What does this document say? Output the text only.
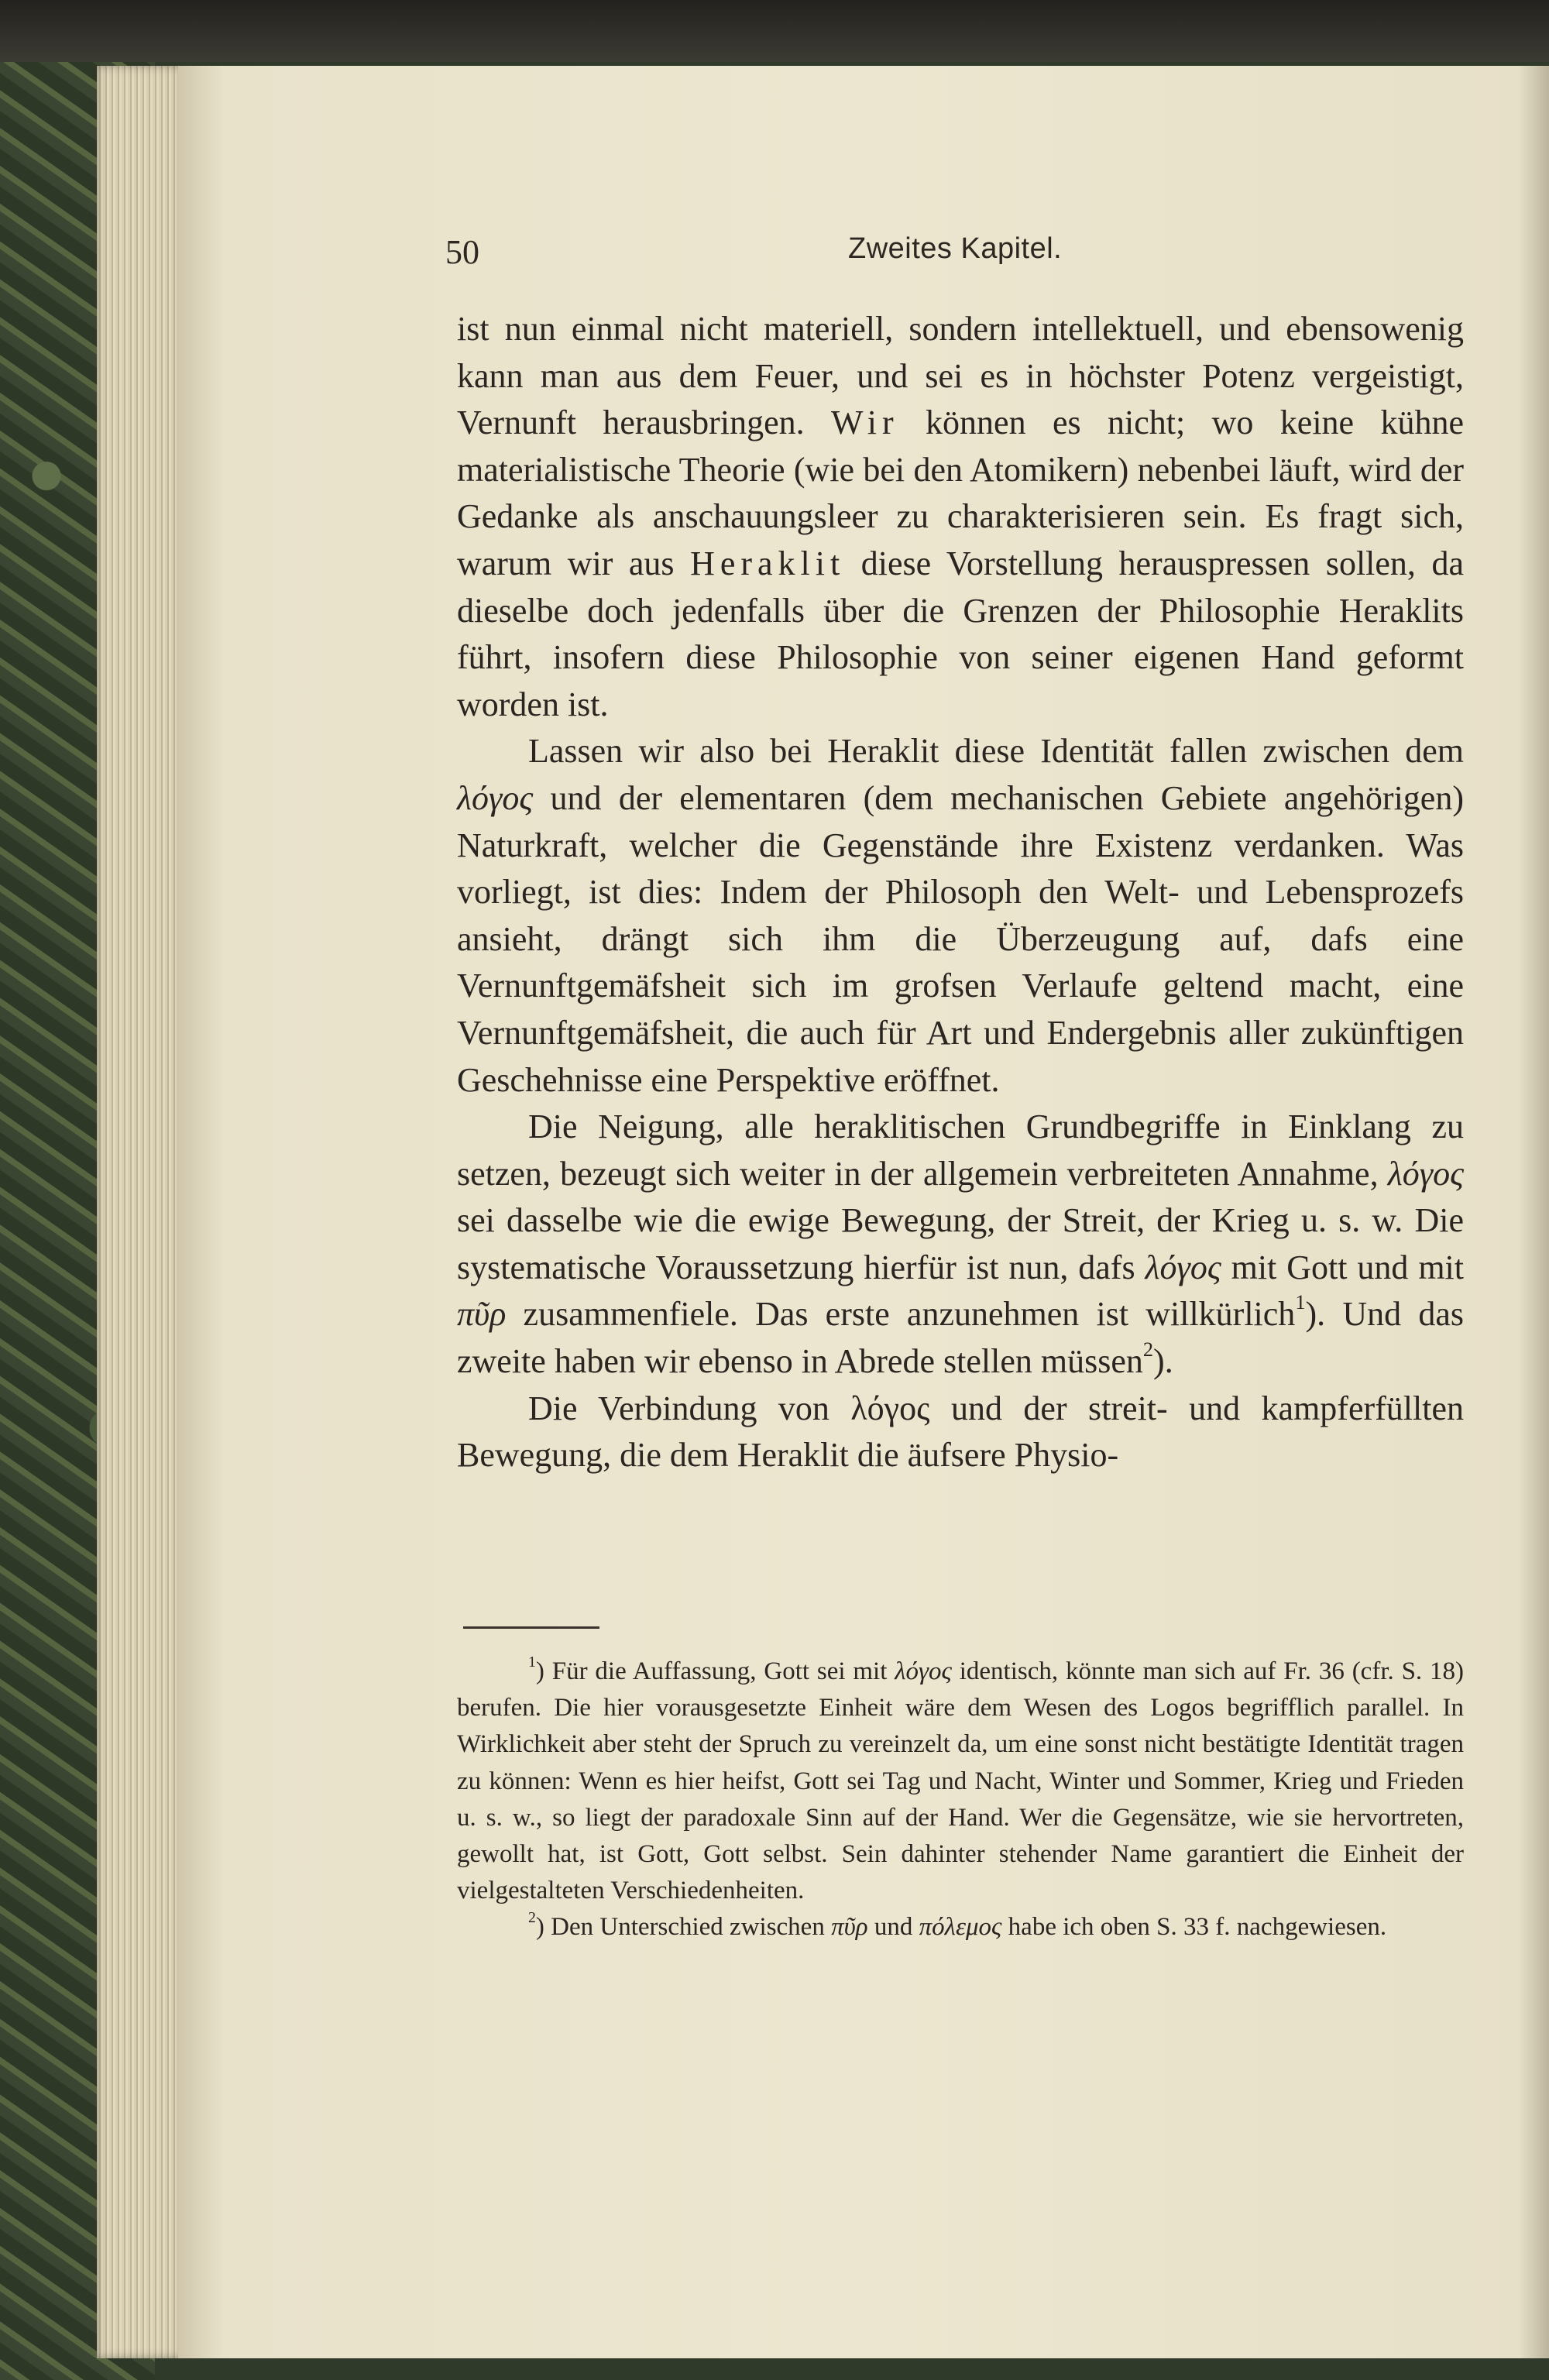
50	Zweites Kapitel.

ist nun einmal nicht materiell, sondern intellektuell, und ebensowenig kann man aus dem Feuer, und sei es in höchster Potenz vergeistigt, Vernunft herausbringen. Wir können es nicht; wo keine kühne materialistische Theorie (wie bei den Atomikern) nebenbei läuft, wird der Gedanke als anschauungsleer zu charakterisieren sein. Es fragt sich, warum wir aus Heraklit diese Vorstellung herauspressen sollen, da dieselbe doch jedenfalls über die Grenzen der Philosophie Heraklits führt, insofern diese Philosophie von seiner eigenen Hand geformt worden ist.

Lassen wir also bei Heraklit diese Identität fallen zwischen dem λόγος und der elementaren (dem mechanischen Gebiete angehörigen) Naturkraft, welcher die Gegenstände ihre Existenz verdanken. Was vorliegt, ist dies: Indem der Philosoph den Welt- und Lebensprozefs ansieht, drängt sich ihm die Überzeugung auf, dafs eine Vernunftgemäfsheit sich im grofsen Verlaufe geltend macht, eine Vernunftgemäfsheit, die auch für Art und Endergebnis aller zukünftigen Geschehnisse eine Perspektive eröffnet.

Die Neigung, alle heraklitischen Grundbegriffe in Einklang zu setzen, bezeugt sich weiter in der allgemein verbreiteten Annahme, λόγος sei dasselbe wie die ewige Bewegung, der Streit, der Krieg u. s. w. Die systematische Voraussetzung hierfür ist nun, dafs λόγος mit Gott und mit πῦρ zusammenfiele. Das erste anzunehmen ist willkürlich$^1$). Und das zweite haben wir ebenso in Abrede stellen müssen$^2$).

Die Verbindung von λόγος und der streit- und kampferfüllten Bewegung, die dem Heraklit die äufsere Physio-

$^1$) Für die Auffassung, Gott sei mit λόγος identisch, könnte man sich auf Fr. 36 (cfr. S. 18) berufen. Die hier vorausgesetzte Einheit wäre dem Wesen des Logos begrifflich parallel. In Wirklichkeit aber steht der Spruch zu vereinzelt da, um eine sonst nicht bestätigte Identität tragen zu können: Wenn es hier heifst, Gott sei Tag und Nacht, Winter und Sommer, Krieg und Frieden u. s. w., so liegt der paradoxale Sinn auf der Hand. Wer die Gegensätze, wie sie hervortreten, gewollt hat, ist Gott, Gott selbst. Sein dahinter stehender Name garantiert die Einheit der vielgestalteten Verschiedenheiten.

$^2$) Den Unterschied zwischen πῦρ und πόλεμος habe ich oben S. 33 f. nachgewiesen.
